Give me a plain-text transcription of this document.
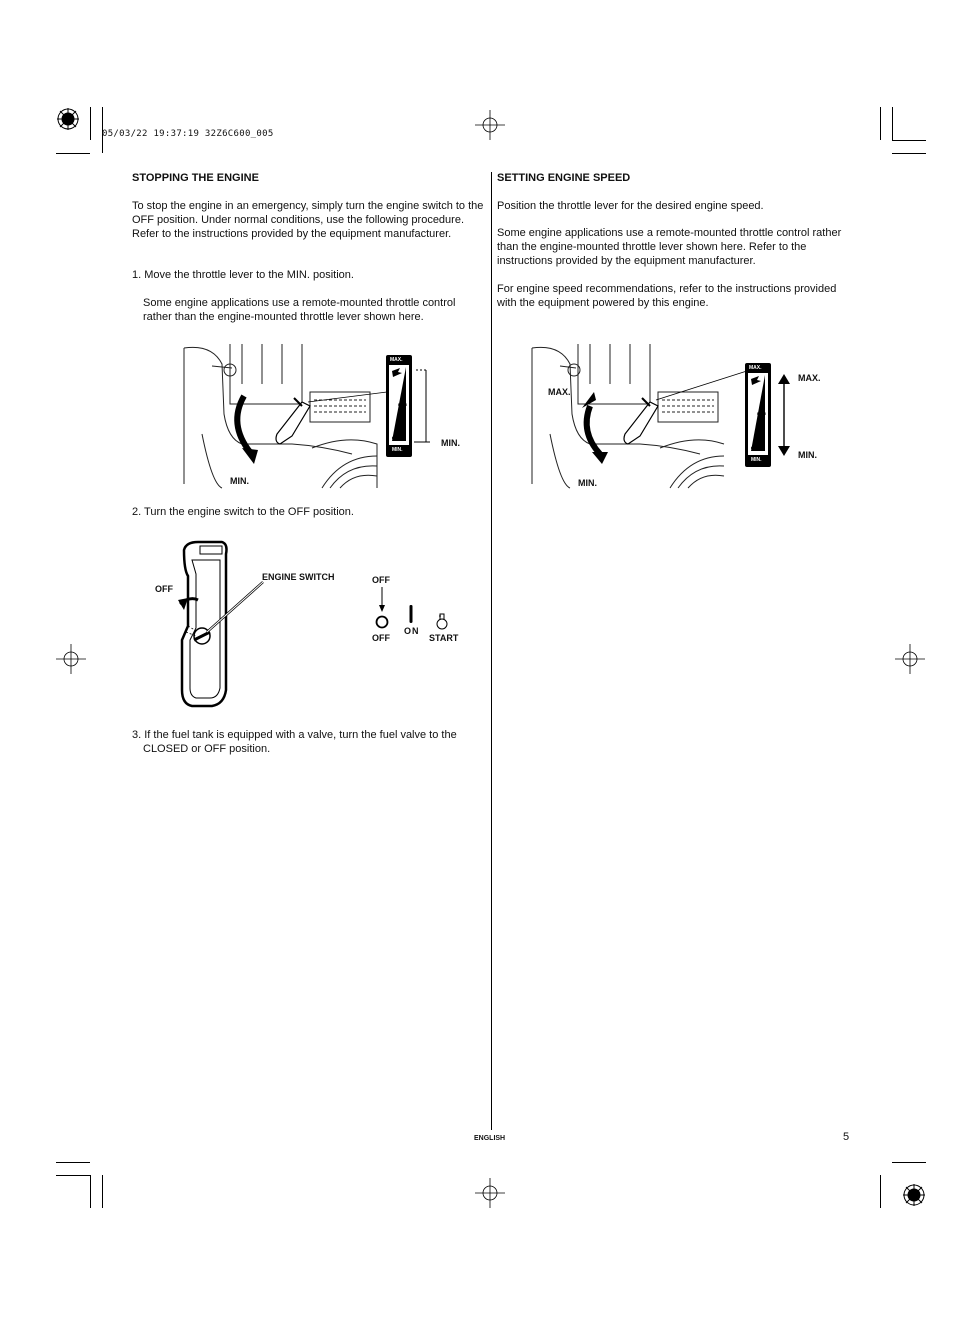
05/03/22 19:37:19 32Z6C600_005
STOPPING THE ENGINE
To stop the engine in an emergency, simply turn the engine switch to the OFF position. Under normal conditions, use the following procedure. Refer to the instructions provided by the equipment manufacturer.
1. Move the throttle lever to the MIN. position.
Some engine applications use a remote-mounted throttle control rather than the engine-mounted throttle lever shown here.
MAX.
RPM
MIN.
MIN.
MIN.
2. Turn the engine switch to the OFF position.
OFF
ENGINE SWITCH	OFF
OFF
ON
START
3. If the fuel tank is equipped with a valve, turn the fuel valve to the CLOSED or OFF position.
SETTING ENGINE SPEED
Position the throttle lever for the desired engine speed.
Some engine applications use a remote-mounted throttle control rather than the engine-mounted throttle lever shown here. Refer to the instructions provided by the equipment manufacturer.
For engine speed recommendations, refer to the instructions provided with the equipment powered by this engine.
MAX.
RPM
MIN.
MAX.
MIN.
MAX.
MIN.
ENGLISH	5
